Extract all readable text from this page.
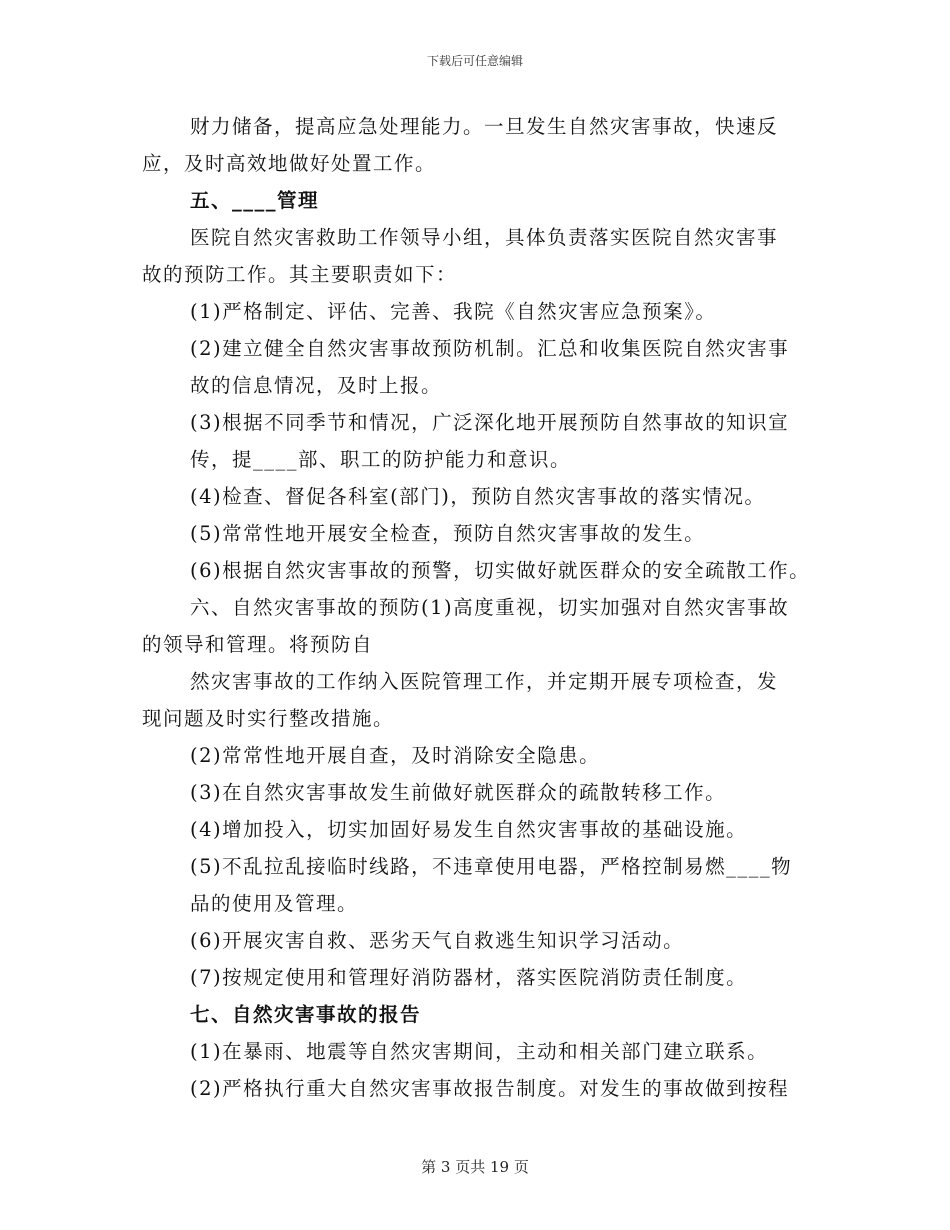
下载后可任意编辑
财力储备，提高应急处理能力。一旦发生自然灾害事故，快速反
应，及时高效地做好处置工作。
五、____管理
医院自然灾害救助工作领导小组，具体负责落实医院自然灾害事
故的预防工作。其主要职责如下：
(1)严格制定、评估、完善、我院《自然灾害应急预案》。
(2)建立健全自然灾害事故预防机制。汇总和收集医院自然灾害事
故的信息情况，及时上报。
(3)根据不同季节和情况，广泛深化地开展预防自然事故的知识宣
传，提____部、职工的防护能力和意识。
(4)检查、督促各科室(部门)，预防自然灾害事故的落实情况。
(5)常常性地开展安全检查，预防自然灾害事故的发生。
(6)根据自然灾害事故的预警，切实做好就医群众的安全疏散工作。
六、自然灾害事故的预防(1)高度重视，切实加强对自然灾害事故
的领导和管理。将预防自
然灾害事故的工作纳入医院管理工作，并定期开展专项检查，发
现问题及时实行整改措施。
(2)常常性地开展自查，及时消除安全隐患。
(3)在自然灾害事故发生前做好就医群众的疏散转移工作。
(4)增加投入，切实加固好易发生自然灾害事故的基础设施。
(5)不乱拉乱接临时线路，不违章使用电器，严格控制易燃____物
品的使用及管理。
(6)开展灾害自救、恶劣天气自救逃生知识学习活动。
(7)按规定使用和管理好消防器材，落实医院消防责任制度。
七、自然灾害事故的报告
(1)在暴雨、地震等自然灾害期间，主动和相关部门建立联系。
(2)严格执行重大自然灾害事故报告制度。对发生的事故做到按程
第 3 页共 19 页
